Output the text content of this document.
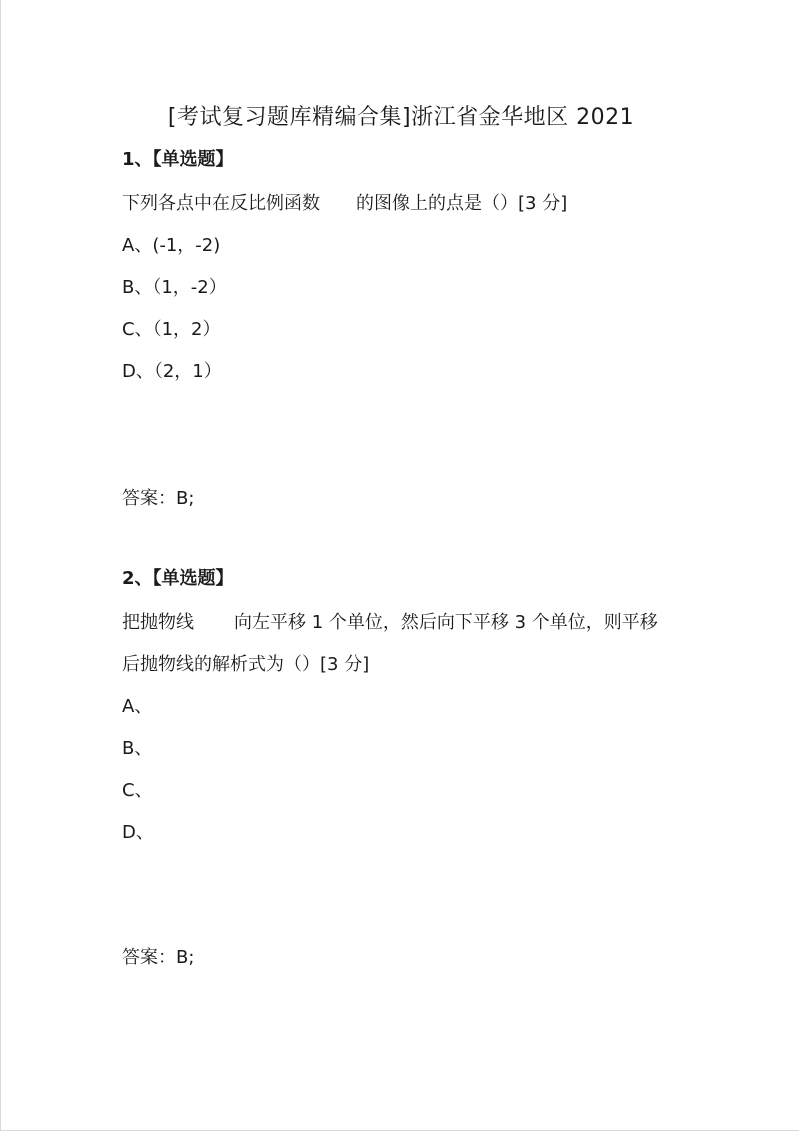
[考试复习题库精编合集]浙江省金华地区 2021
1、【单选题】
下列各点中在反比例函数 的图像上的点是（）[3 分]
A、(-1，-2)
B、（1，-2）
C、（1，2）
D、（2，1）
答案：B;
2、【单选题】
把抛物线 向左平移 1 个单位，然后向下平移 3 个单位，则平移
后抛物线的解析式为（）[3 分]
A、
B、
C、
D、
答案：B;
